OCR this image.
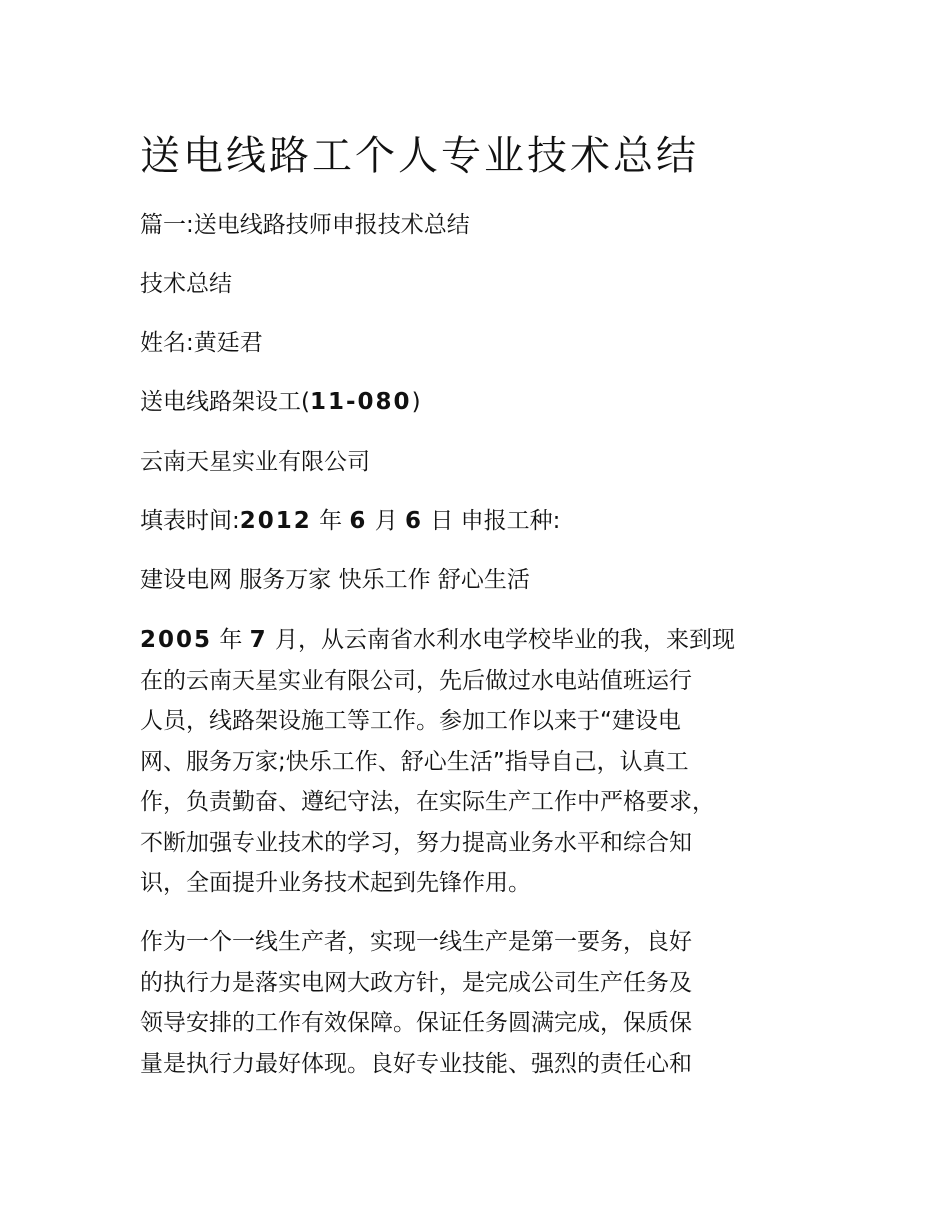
送电线路工个人专业技术总结

篇一:送电线路技师申报技术总结

技术总结

姓名:黄廷君

送电线路架设工(11-080)

云南天星实业有限公司

填表时间:2012 年 6 月 6 日 申报工种:

建设电网 服务万家 快乐工作 舒心生活

2005 年 7 月，从云南省水利水电学校毕业的我，来到现
在的云南天星实业有限公司，先后做过水电站值班运行
人员，线路架设施工等工作。参加工作以来于“建设电
网、服务万家;快乐工作、舒心生活”指导自己，认真工
作，负责勤奋、遵纪守法，在实际生产工作中严格要求，
不断加强专业技术的学习，努力提高业务水平和综合知
识，全面提升业务技术起到先锋作用。
作为一个一线生产者，实现一线生产是第一要务，良好
的执行力是落实电网大政方针，是完成公司生产任务及
领导安排的工作有效保障。保证任务圆满完成，保质保
量是执行力最好体现。良好专业技能、强烈的责任心和
